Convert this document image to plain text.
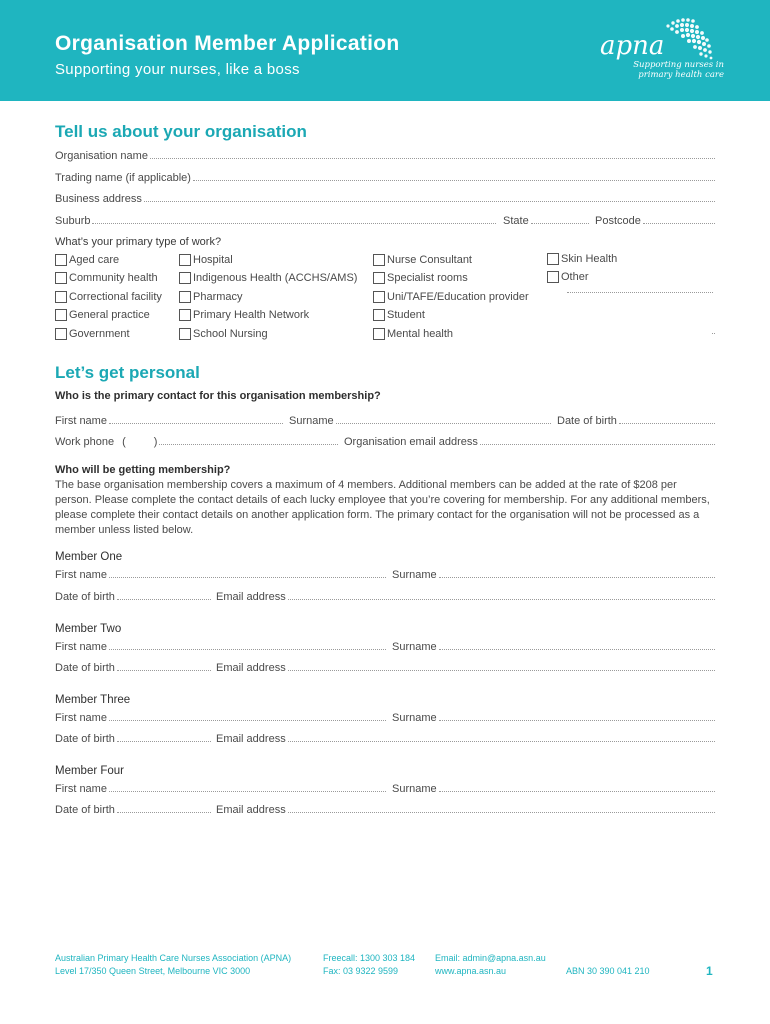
Organisation Member Application
Supporting your nurses, like a boss
apna
Supporting nurses in
primary health care
Tell us about your organisation
Organisation name
Trading name (if applicable)
Business address
Suburb	State	Postcode
What’s your primary type of work?
Aged care
Community health
Correctional facility
General practice
Government
Hospital
Indigenous Health (ACCHS/AMS)
Pharmacy
Primary Health Network
School Nursing
Nurse Consultant
Specialist rooms
Uni/TAFE/Education provider
Student
Mental health
Skin Health
Other
Let’s get personal
Who is the primary contact for this organisation membership?
First name	Surname	Date of birth
Work phone (	)	Organisation email address
Who will be getting membership?
The base organisation membership covers a maximum of 4 members. Additional members can be added at the rate of $208 per person. Please complete the contact details of each lucky employee that you’re covering for membership. For any additional members, please complete their contact details on another application form. The primary contact for the organisation will not be processed as a member unless listed below.
Member One
First name	Surname
Date of birth	Email address
Member Two
First name	Surname
Date of birth	Email address
Member Three
First name	Surname
Date of birth	Email address
Member Four
First name	Surname
Date of birth	Email address
Australian Primary Health Care Nurses Association (APNA)
Level 17/350 Queen Street, Melbourne VIC 3000
Freecall: 1300 303 184
Fax: 03 9322 9599
Email: admin@apna.asn.au
www.apna.asn.au	ABN 30 390 041 210	1
